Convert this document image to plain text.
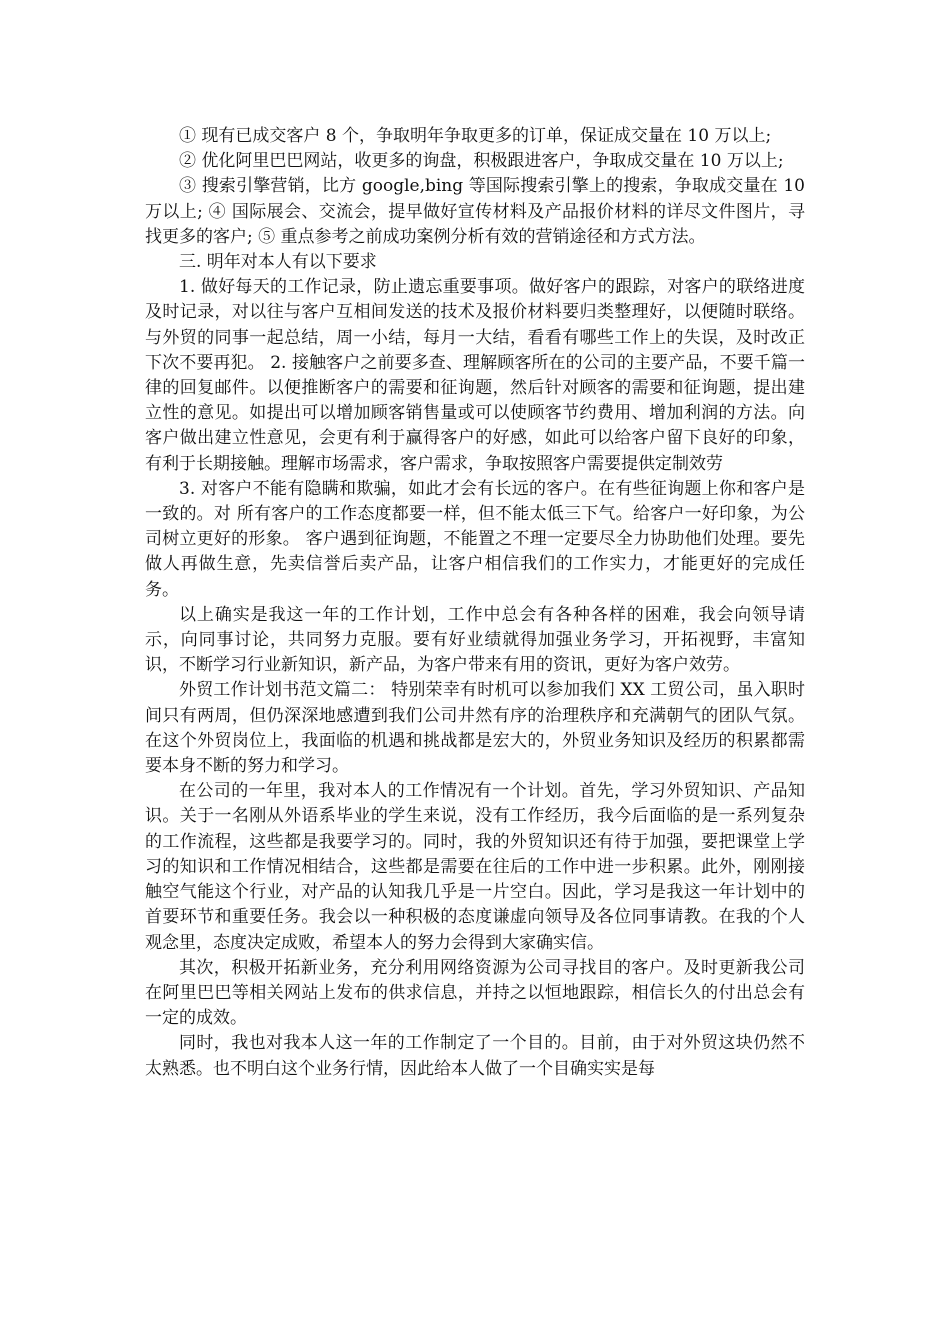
① 现有已成交客户 8 个，争取明年争取更多的订单，保证成交量在 10 万以上;

② 优化阿里巴巴网站，收更多的询盘，积极跟进客户，争取成交量在 10 万以上;

③ 搜索引擎营销，比方 google,bing 等国际搜索引擎上的搜索，争取成交量在 10 万以上; ④ 国际展会、交流会，提早做好宣传材料及产品报价材料的详尽文件图片，寻找更多的客户; ⑤ 重点参考之前成功案例分析有效的营销途径和方式方法。

三. 明年对本人有以下要求

1. 做好每天的工作记录，防止遗忘重要事项。做好客户的跟踪，对客户的联络进度及时记录，对以往与客户互相间发送的技术及报价材料要归类整理好，以便随时联络。与外贸的同事一起总结，周一小结，每月一大结，看看有哪些工作上的失误，及时改正下次不要再犯。 2. 接触客户之前要多查、理解顾客所在的公司的主要产品，不要千篇一律的回复邮件。以便推断客户的需要和征询题，然后针对顾客的需要和征询题，提出建立性的意见。如提出可以增加顾客销售量或可以使顾客节约费用、增加利润的方法。向客户做出建立性意见，会更有利于赢得客户的好感，如此可以给客户留下良好的印象，有利于长期接触。理解市场需求，客户需求，争取按照客户需要提供定制效劳

3. 对客户不能有隐瞒和欺骗，如此才会有长远的客户。在有些征询题上你和客户是一致的。对 所有客户的工作态度都要一样，但不能太低三下气。给客户一好印象，为公司树立更好的形象。 客户遇到征询题，不能置之不理一定要尽全力协助他们处理。要先做人再做生意，先卖信誉后卖产品，让客户相信我们的工作实力，才能更好的完成任务。

以上确实是我这一年的工作计划，工作中总会有各种各样的困难，我会向领导请示，向同事讨论，共同努力克服。要有好业绩就得加强业务学习，开拓视野，丰富知识，不断学习行业新知识，新产品，为客户带来有用的资讯，更好为客户效劳。

外贸工作计划书范文篇二： 特别荣幸有时机可以参加我们 XX 工贸公司，虽入职时间只有两周，但仍深深地感遭到我们公司井然有序的治理秩序和充满朝气的团队气氛。在这个外贸岗位上，我面临的机遇和挑战都是宏大的，外贸业务知识及经历的积累都需要本身不断的努力和学习。

在公司的一年里，我对本人的工作情况有一个计划。首先，学习外贸知识、产品知识。关于一名刚从外语系毕业的学生来说，没有工作经历，我今后面临的是一系列复杂的工作流程，这些都是我要学习的。同时，我的外贸知识还有待于加强，要把课堂上学习的知识和工作情况相结合，这些都是需要在往后的工作中进一步积累。此外，刚刚接触空气能这个行业，对产品的认知我几乎是一片空白。因此，学习是我这一年计划中的首要环节和重要任务。我会以一种积极的态度谦虚向领导及各位同事请教。在我的个人观念里，态度决定成败，希望本人的努力会得到大家确实信。

其次，积极开拓新业务，充分利用网络资源为公司寻找目的客户。及时更新我公司在阿里巴巴等相关网站上发布的供求信息，并持之以恒地跟踪，相信长久的付出总会有一定的成效。

同时，我也对我本人这一年的工作制定了一个目的。目前，由于对外贸这块仍然不太熟悉。也不明白这个业务行情，因此给本人做了一个目确实实是每
